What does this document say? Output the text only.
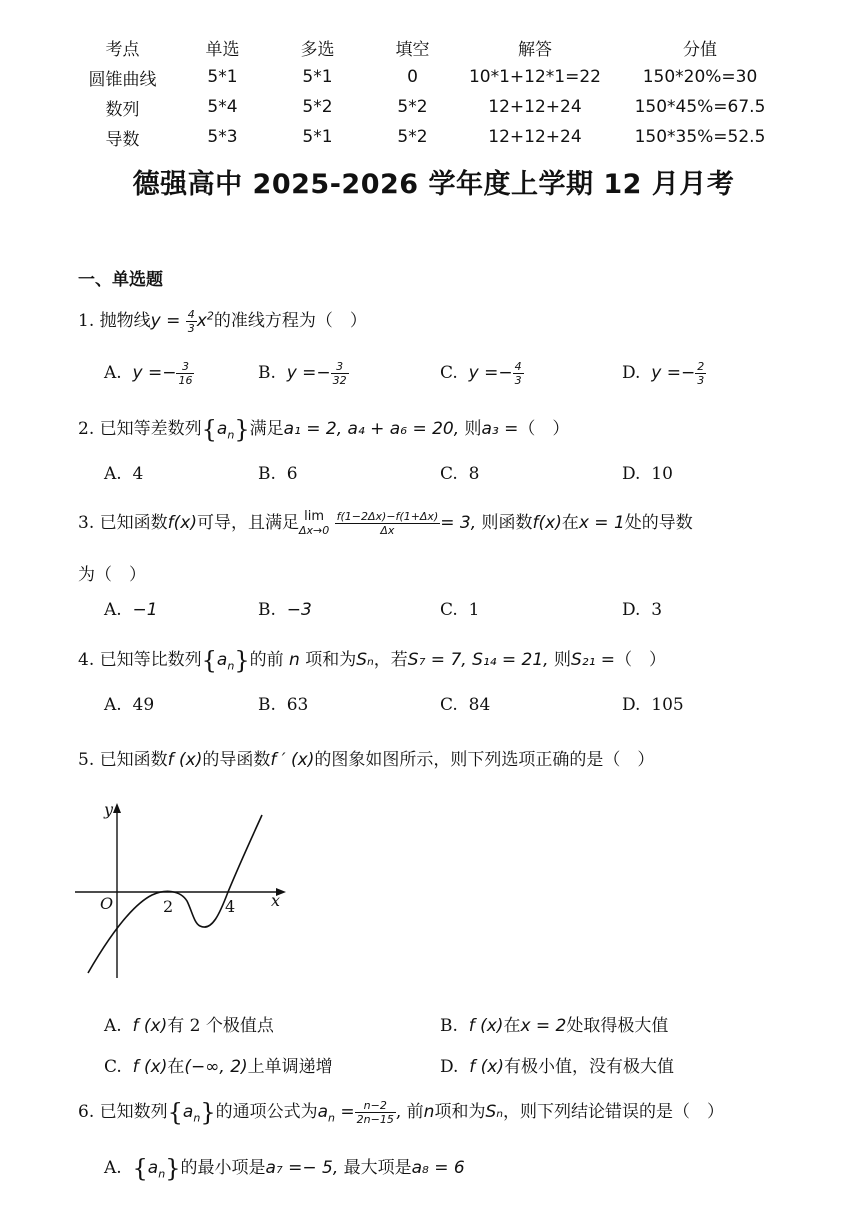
考点	单选	多选	填空	解答	分值
圆锥曲线	5*1	5*1	0	10*1+12*1=22	150*20%=30
数列	5*4	5*2	5*2	12+12+24	150*45%=67.5
导数	5*3	5*1	5*2	12+12+24	150*35%=52.5
德强高中 2025-2026 学年度上学期 12 月月考
一、单选题
1. 抛物线$y = \frac{4}{3} x^2$的准线方程为（　）
A. $y =- \frac{3}{16}$	B. $y =- \frac{3}{32}$	C. $y =- \frac{4}{3}$	D. $y =- \frac{2}{3}$
2. 已知等差数列$\{a_n\}$满足a₁ = 2, a₄ + a₆ = 20, 则a₃ =（　）
A. 4	B. 6	C. 8	D. 10
3. 已知函数f(x)可导，且满足 lim
Δx→0
$\frac{f(1-2\Delta x)-f(1+\Delta x)}{\Delta x} = 3$, 则函数f(x)在x = 1处的导数
为（　）
A. −1	B. −3	C. 1	D. 3
4. 已知等比数列$\{a_n\}$的前 n 项和为Sₙ，若S₇ = 7, S₁₄ = 21, 则S₂₁ =（　）
A. 49	B. 63	C. 84	D. 105
5. 已知函数f (x)的导函数f ′ (x)的图象如图所示，则下列选项正确的是（　）
y
x
O	2	4
A. f (x)有 2 个极值点	B. f (x)在x = 2处取得极大值
C. f (x)在(−∞, 2)上单调递增	D. f (x)有极小值，没有极大值
6. 已知数列$\{a_n\}$的通项公式为$a_n = \frac{n-2}{2n-15}$ , 前n项和为Sₙ，则下列结论错误的是（　）
A. $\{a_n\}$的最小项是a₇ =− 5, 最大项是a₈ = 6
